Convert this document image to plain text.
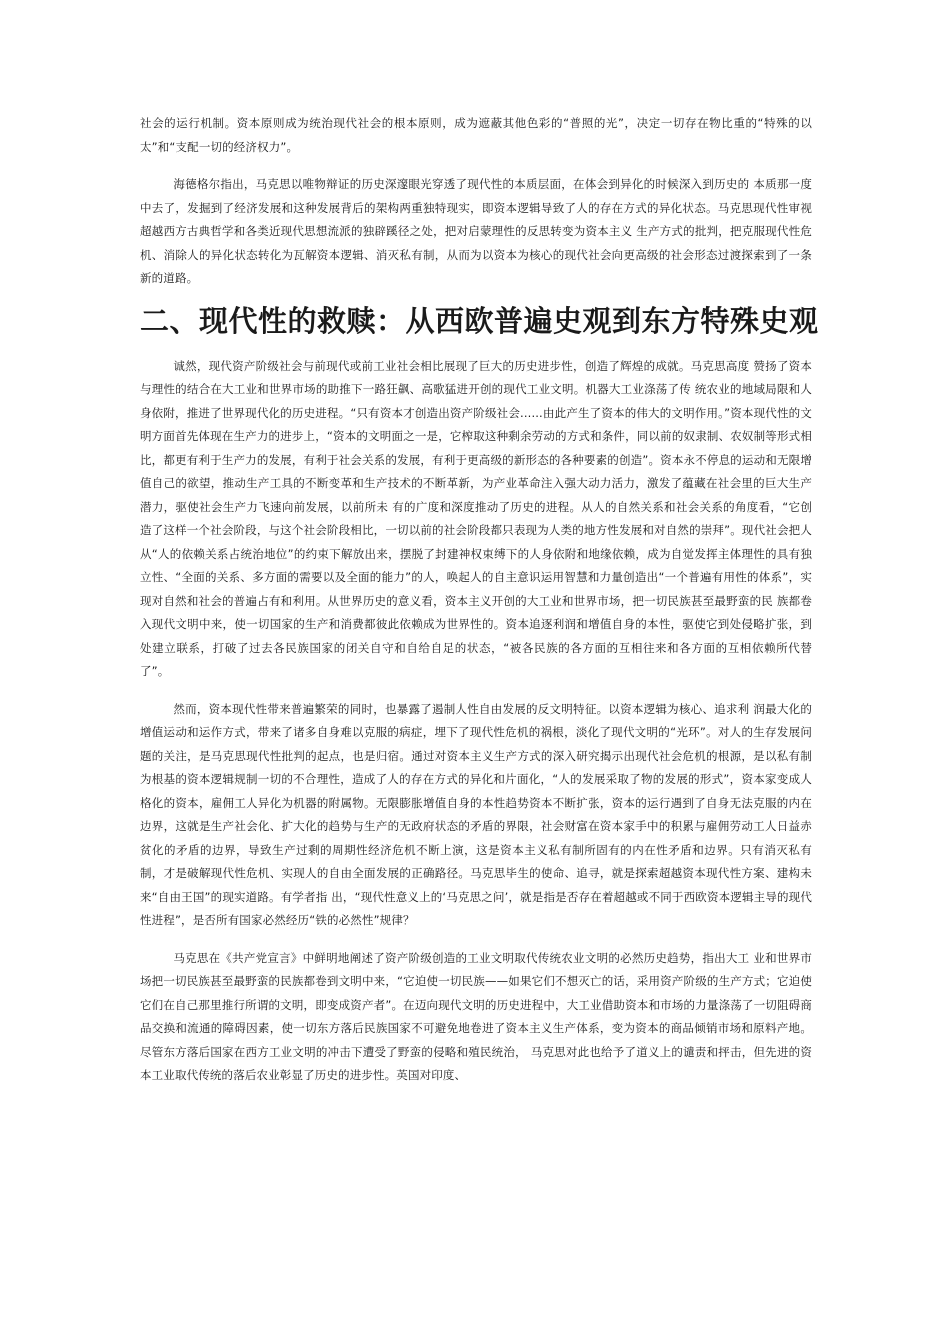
社会的运行机制。资本原则成为统治现代社会的根本原则，成为遮蔽其他色彩的“普照的光”，决定一切存在物比重的“特殊的以太”和“支配一切的经济权力”。

海德格尔指出，马克思以唯物辩证的历史深邃眼光穿透了现代性的本质层面，在体会到异化的时候深入到历史的 本质那一度中去了，发掘到了经济发展和这种发展背后的架构两重独特现实，即资本逻辑导致了人的存在方式的异化状态。马克思现代性审视超越西方古典哲学和各类近现代思想流派的独辟蹊径之处，把对启蒙理性的反思转变为资本主义 生产方式的批判，把克服现代性危机、消除人的异化状态转化为瓦解资本逻辑、消灭私有制，从而为以资本为核心的现代社会向更高级的社会形态过渡探索到了一条新的道路。

二、现代性的救赎：从西欧普遍史观到东方特殊史观

诚然，现代资产阶级社会与前现代或前工业社会相比展现了巨大的历史进步性，创造了辉煌的成就。马克思高度 赞扬了资本与理性的结合在大工业和世界市场的助推下一路狂飙、高歌猛进开创的现代工业文明。机器大工业涤荡了传 统农业的地域局限和人身依附，推进了世界现代化的历史进程。“只有资本才创造出资产阶级社会......由此产生了资本的伟大的文明作用。”资本现代性的文明方面首先体现在生产力的进步上，“资本的文明面之一是，它榨取这种剩余劳动的方式和条件，同以前的奴隶制、农奴制等形式相比，都更有利于生产力的发展，有利于社会关系的发展，有利于更高级的新形态的各种要素的创造”。资本永不停息的运动和无限增值自己的欲望，推动生产工具的不断变革和生产技术的不断革新，为产业革命注入强大动力活力，激发了蕴藏在社会里的巨大生产潜力，驱使社会生产力飞速向前发展，以前所未 有的广度和深度推动了历史的进程。从人的自然关系和社会关系的角度看，“它创造了这样一个社会阶段，与这个社会阶段相比，一切以前的社会阶段都只表现为人类的地方性发展和对自然的崇拜”。现代社会把人从“人的依赖关系占统治地位”的约束下解放出来，摆脱了封建神权束缚下的人身依附和地缘依赖，成为自觉发挥主体理性的具有独立性、“全面的关系、多方面的需要以及全面的能力”的人，唤起人的自主意识运用智慧和力量创造出“一个普遍有用性的体系”，实现对自然和社会的普遍占有和利用。从世界历史的意义看，资本主义开创的大工业和世界市场，把一切民族甚至最野蛮的民 族都卷入现代文明中来，使一切国家的生产和消费都彼此依赖成为世界性的。资本追逐利润和增值自身的本性，驱使它到处侵略扩张，到处建立联系，打破了过去各民族国家的闭关自守和自给自足的状态，“被各民族的各方面的互相往来和各方面的互相依赖所代替了”。

然而，资本现代性带来普遍繁荣的同时，也暴露了遏制人性自由发展的反文明特征。以资本逻辑为核心、追求利 润最大化的增值运动和运作方式，带来了诸多自身难以克服的病症，埋下了现代性危机的祸根，淡化了现代文明的“光环”。对人的生存发展问题的关注，是马克思现代性批判的起点，也是归宿。通过对资本主义生产方式的深入研究揭示出现代社会危机的根源，是以私有制为根基的资本逻辑规制一切的不合理性，造成了人的存在方式的异化和片面化，“人的发展采取了物的发展的形式”，资本家变成人格化的资本，雇佣工人异化为机器的附属物。无限膨胀增值自身的本性趋势资本不断扩张，资本的运行遇到了自身无法克服的内在边界，这就是生产社会化、扩大化的趋势与生产的无政府状态的矛盾的界限，社会财富在资本家手中的积累与雇佣劳动工人日益赤贫化的矛盾的边界，导致生产过剩的周期性经济危机不断上演，这是资本主义私有制所固有的内在性矛盾和边界。只有消灭私有制，才是破解现代性危机、实现人的自由全面发展的正确路径。马克思毕生的使命、追寻，就是探索超越资本现代性方案、建构未来“自由王国”的现实道路。有学者指 出，“现代性意义上的‘马克思之问’，就是指是否存在着超越或不同于西欧资本逻辑主导的现代性进程”，是否所有国家必然经历“铁的必然性”规律？

马克思在《共产党宣言》中鲜明地阐述了资产阶级创造的工业文明取代传统农业文明的必然历史趋势，指出大工 业和世界市场把一切民族甚至最野蛮的民族都卷到文明中来，“它迫使一切民族——如果它们不想灭亡的话，采用资产阶级的生产方式；它迫使它们在自己那里推行所谓的文明，即变成资产者”。在迈向现代文明的历史进程中，大工业借助资本和市场的力量涤荡了一切阻碍商品交换和流通的障碍因素，使一切东方落后民族国家不可避免地卷进了资本主义生产体系，变为资本的商品倾销市场和原料产地。尽管东方落后国家在西方工业文明的冲击下遭受了野蛮的侵略和殖民统治， 马克思对此也给予了道义上的谴责和抨击，但先进的资本工业取代传统的落后农业彰显了历史的进步性。英国对印度、
